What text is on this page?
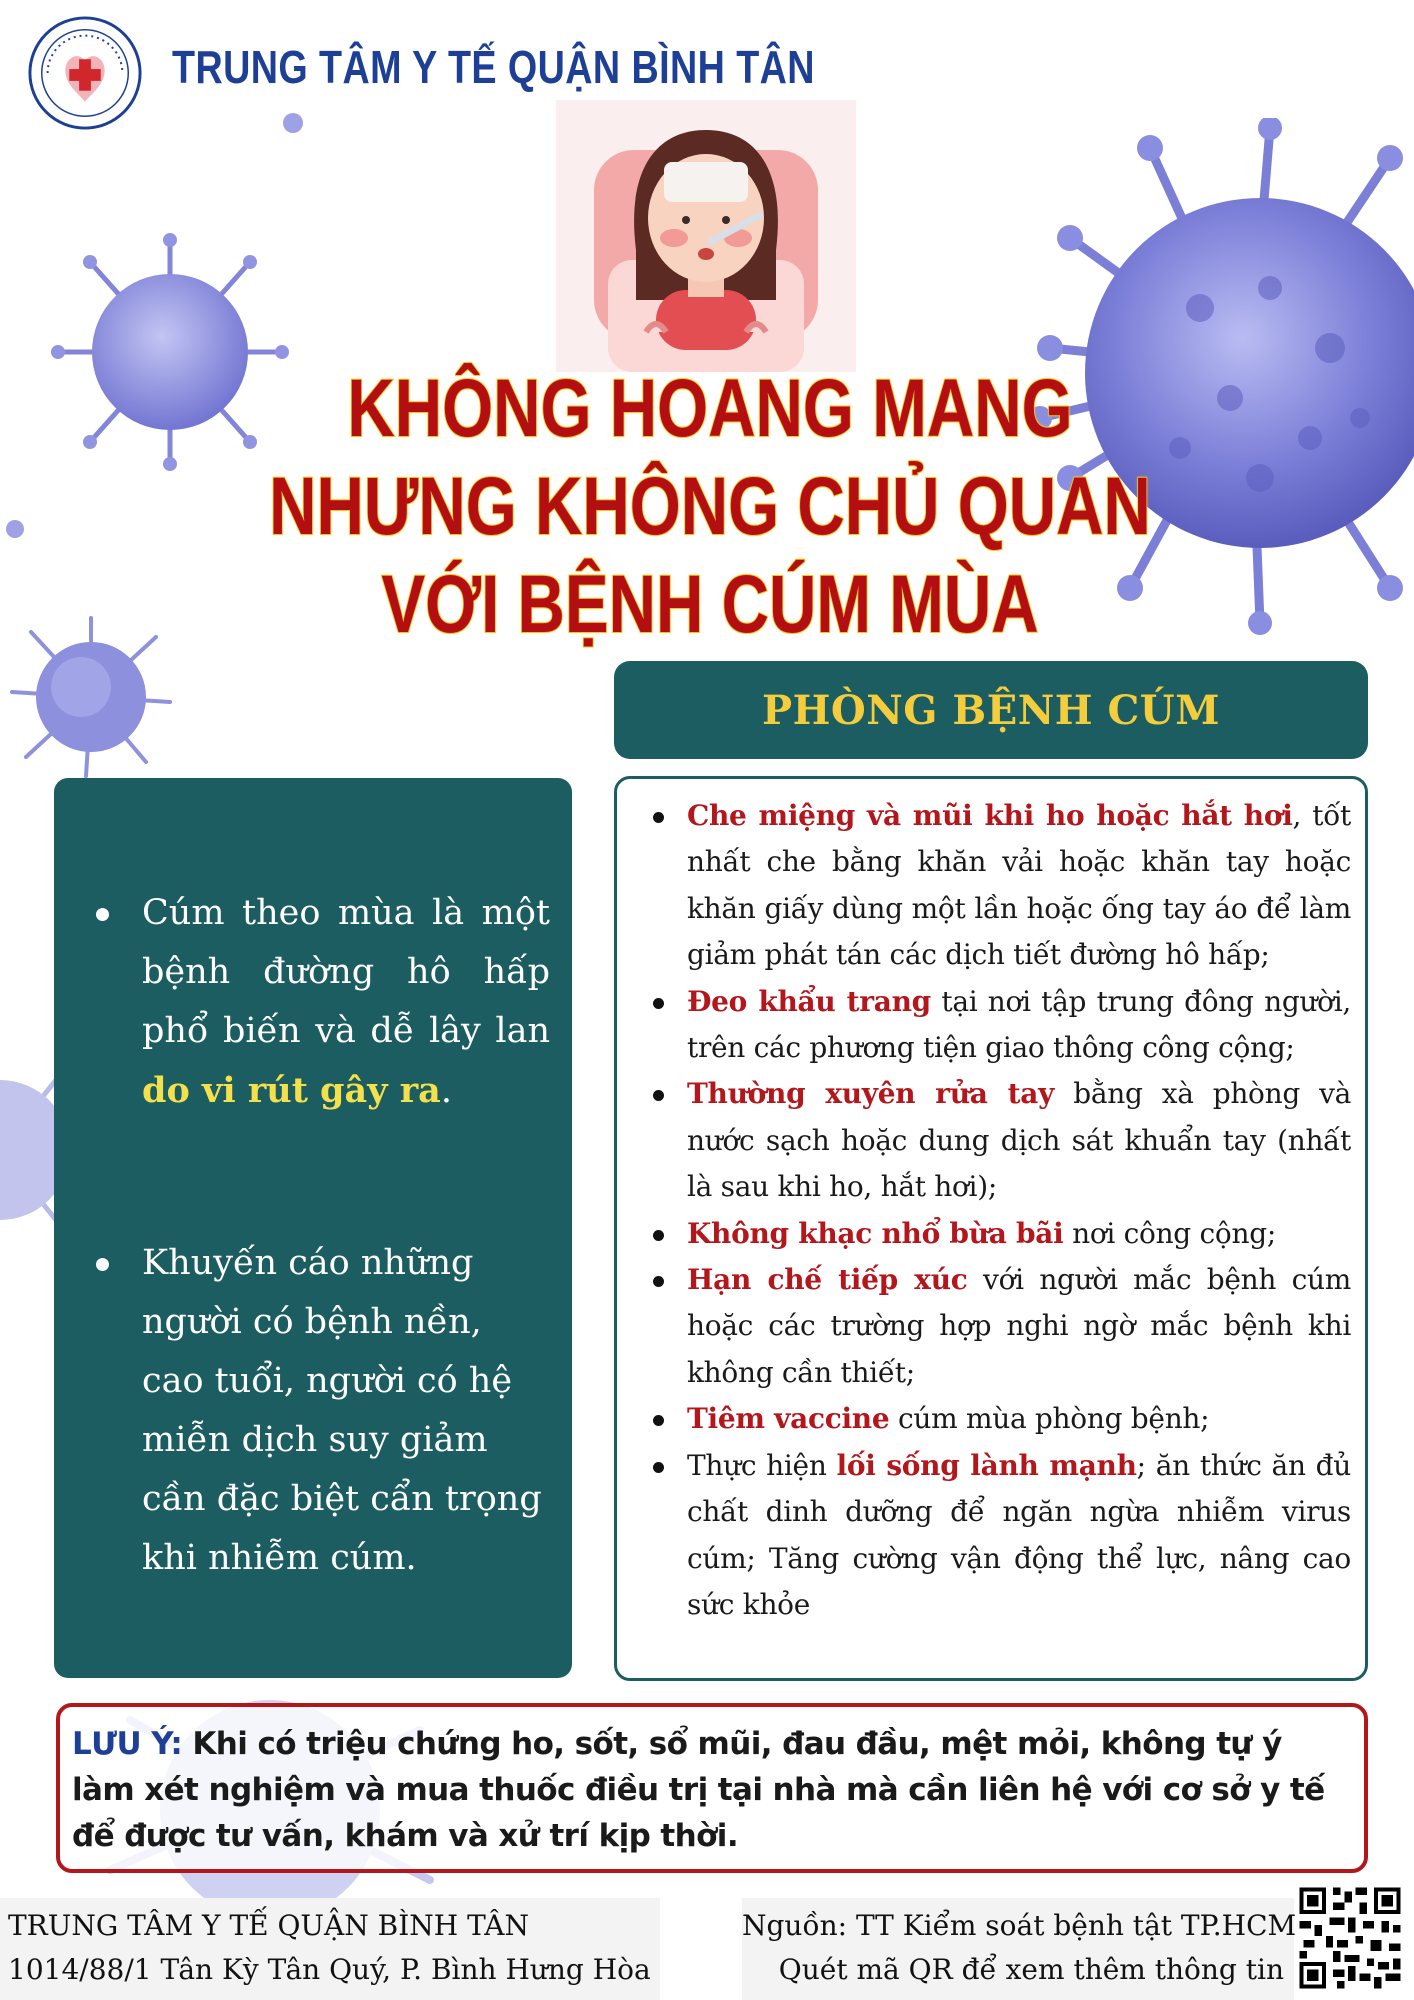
TRUNG TÂM Y TẾ QUẬN BÌNH TÂN
KHÔNG HOANG MANG
NHƯNG KHÔNG CHỦ QUAN
VỚI BỆNH CÚM MÙA
PHÒNG BỆNH CÚM
Cúm theo mùa là một bệnh đường hô hấp phổ biến và dễ lây lan do vi rút gây ra.
Khuyến cáo những người có bệnh nền, cao tuổi, người có hệ miễn dịch suy giảm cần đặc biệt cẩn trọng khi nhiễm cúm.
Che miệng và mũi khi ho hoặc hắt hơi, tốt nhất che bằng khăn vải hoặc khăn tay hoặc khăn giấy dùng một lần hoặc ống tay áo để làm giảm phát tán các dịch tiết đường hô hấp;
Đeo khẩu trang tại nơi tập trung đông người, trên các phương tiện giao thông công cộng;
Thường xuyên rửa tay bằng xà phòng và nước sạch hoặc dung dịch sát khuẩn tay (nhất là sau khi ho, hắt hơi);
Không khạc nhổ bừa bãi nơi công cộng;
Hạn chế tiếp xúc với người mắc bệnh cúm hoặc các trường hợp nghi ngờ mắc bệnh khi không cần thiết;
Tiêm vaccine cúm mùa phòng bệnh;
Thực hiện lối sống lành mạnh; ăn thức ăn đủ chất dinh dưỡng để ngăn ngừa nhiễm virus cúm; Tăng cường vận động thể lực, nâng cao sức khỏe
LƯU Ý: Khi có triệu chứng ho, sốt, sổ mũi, đau đầu, mệt mỏi, không tự ý làm xét nghiệm và mua thuốc điều trị tại nhà mà cần liên hệ với cơ sở y tế để được tư vấn, khám và xử trí kịp thời.
TRUNG TÂM Y TẾ QUẬN BÌNH TÂN
1014/88/1 Tân Kỳ Tân Quý, P. Bình Hưng Hòa
Nguồn: TT Kiểm soát bệnh tật TP.HCM
Quét mã QR để xem thêm thông tin
